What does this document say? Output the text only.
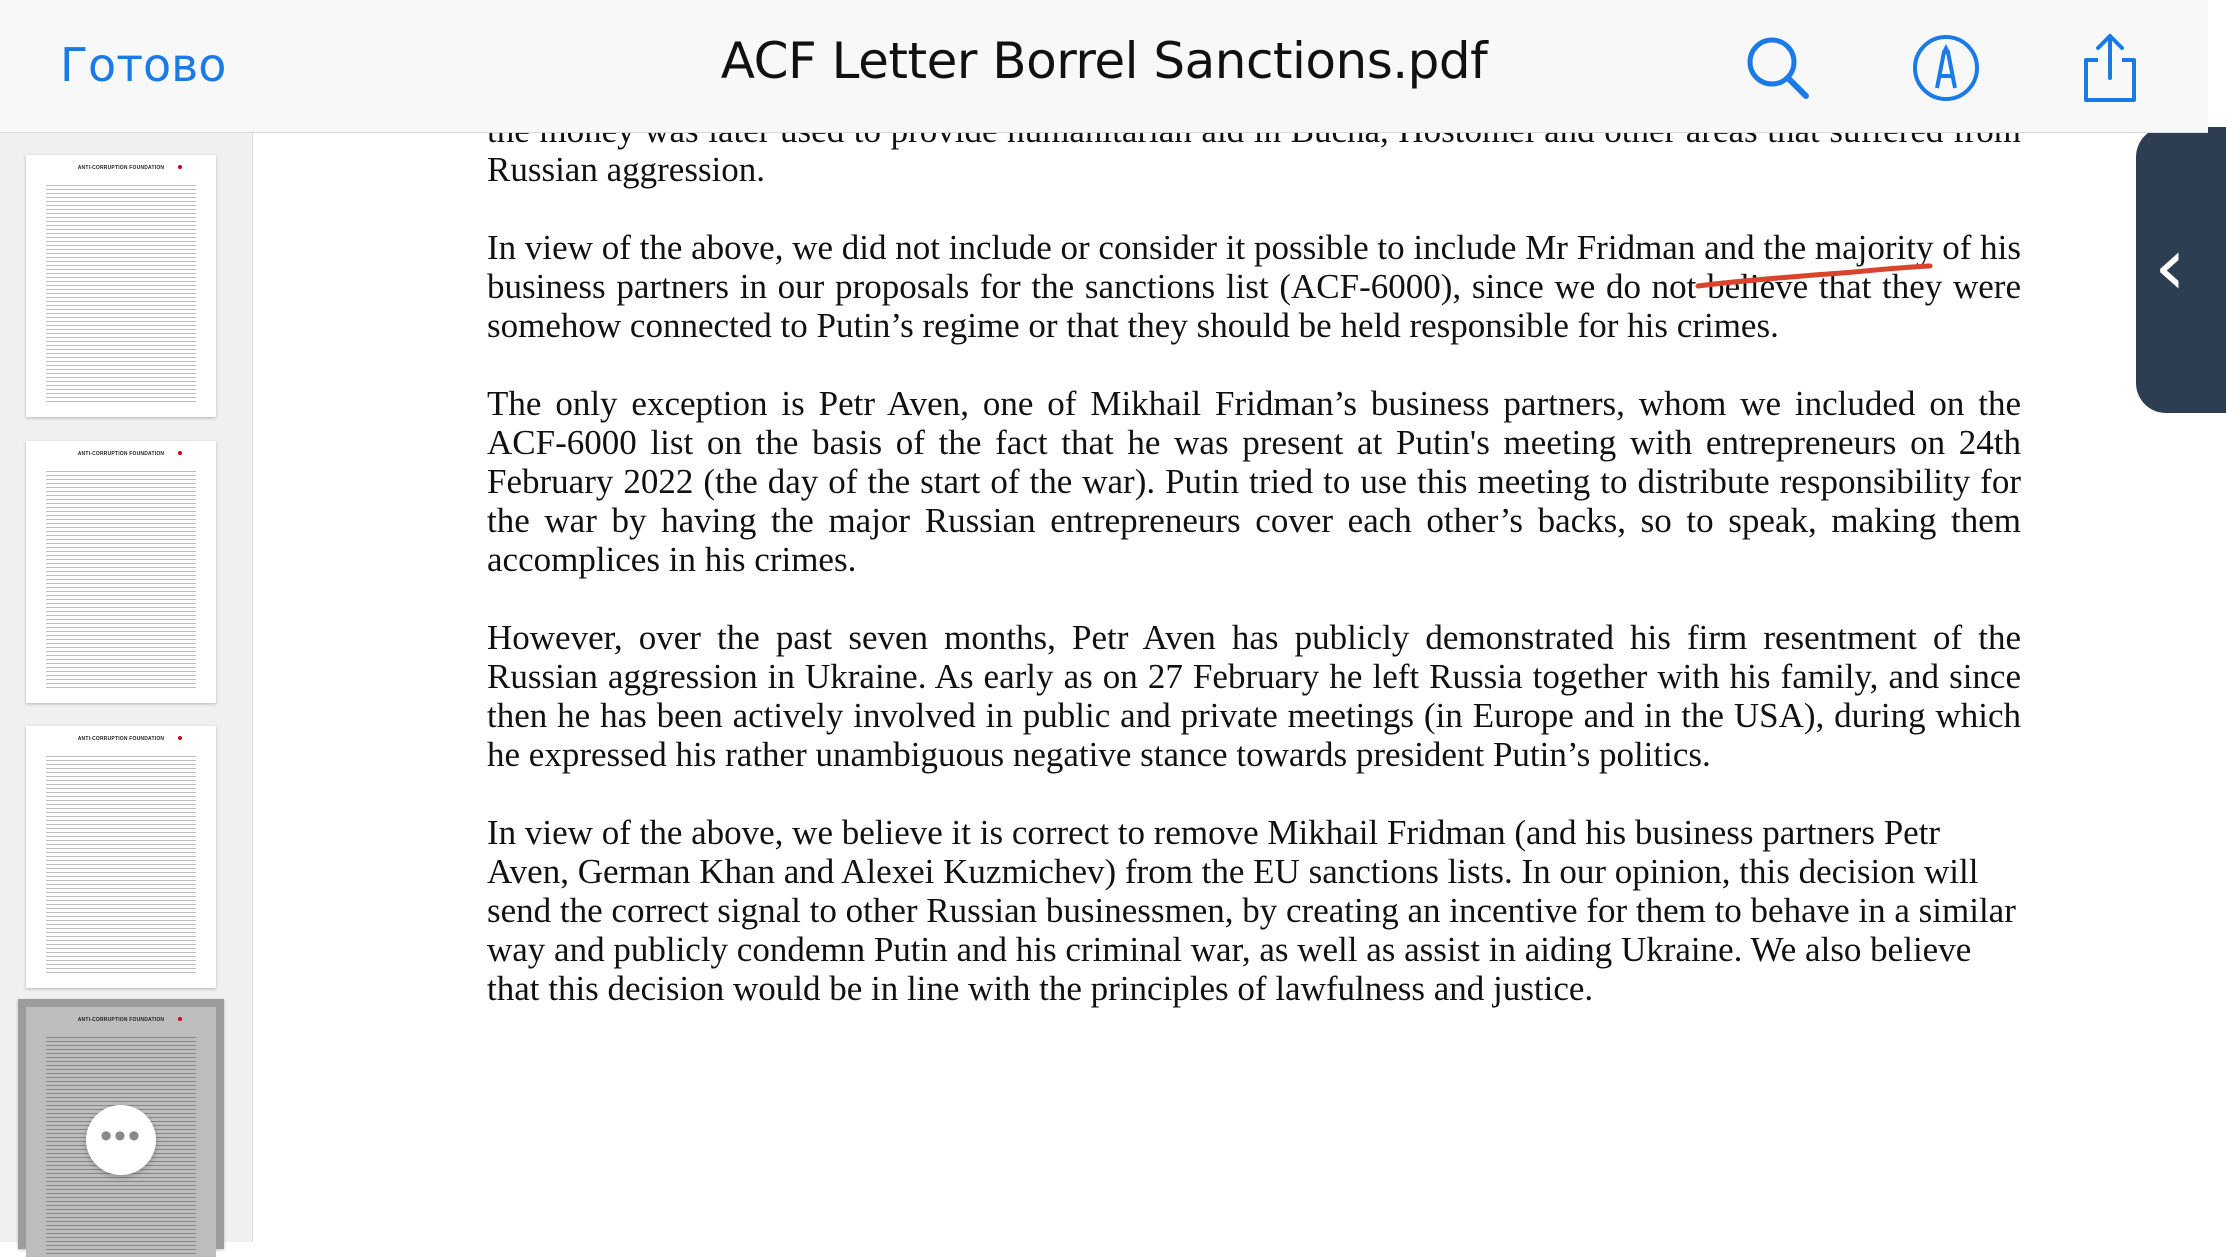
Готово	ACF Letter Borrel Sanctions.pdf
ANTI-CORRUPTION FOUNDATION
ANTI-CORRUPTION FOUNDATION
ANTI-CORRUPTION FOUNDATION
ANTI-CORRUPTION FOUNDATION
•••

Russian aggression.

In view of the above, we did not include or consider it possible to include Mr Fridman and the majority of his business partners in our proposals for the sanctions list (ACF-6000), since we do not believe that they were somehow connected to Putin’s regime or that they should be held responsible for his crimes.

The only exception is Petr Aven, one of Mikhail Fridman’s business partners, whom we included on the ACF-6000 list on the basis of the fact that he was present at Putin's meeting with entrepreneurs on 24th February 2022 (the day of the start of the war). Putin tried to use this meeting to distribute responsibility for the war by having the major Russian entrepreneurs cover each other’s backs, so to speak, making them accomplices in his crimes.

However, over the past seven months, Petr Aven has publicly demonstrated his firm resentment of the Russian aggression in Ukraine. As early as on 27 February he left Russia together with his family, and since then he has been actively involved in public and private meetings (in Europe and in the USA), during which he expressed his rather unambiguous negative stance towards president Putin’s politics.

In view of the above, we believe it is correct to remove Mikhail Fridman (and his business partners Petr Aven, German Khan and Alexei Kuzmichev) from the EU sanctions lists. In our opinion, this decision will send the correct signal to other Russian businessmen, by creating an incentive for them to behave in a similar way and publicly condemn Putin and his criminal war, as well as assist in aiding Ukraine. We also believe that this decision would be in line with the principles of lawfulness and justice.

‹
